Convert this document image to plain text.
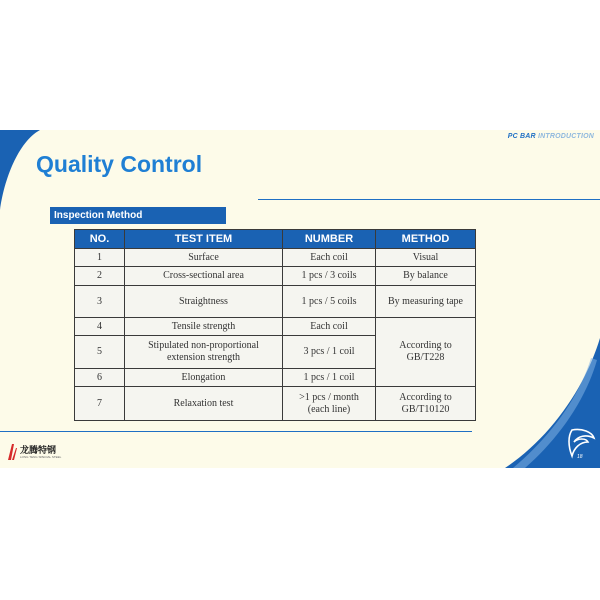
PC BAR INTRODUCTION
Quality Control
Inspection Method
NO.	TEST ITEM	NUMBER	METHOD
1	Surface	Each coil	Visual
2	Cross-sectional area	1 pcs / 3 coils	By balance
3	Straightness	1 pcs / 5 coils	By measuring tape
4	Tensile strength	Each coil	According to GB/T228
5	Stipulated non-proportional extension strength	3 pcs / 1 coil	
6	Elongation	1 pcs / 1 coil	
7	Relaxation test	>1 pcs / month (each line)	According to GB/T10120
龙腾特钢
LONG TENG SPECIAL STEEL	18
